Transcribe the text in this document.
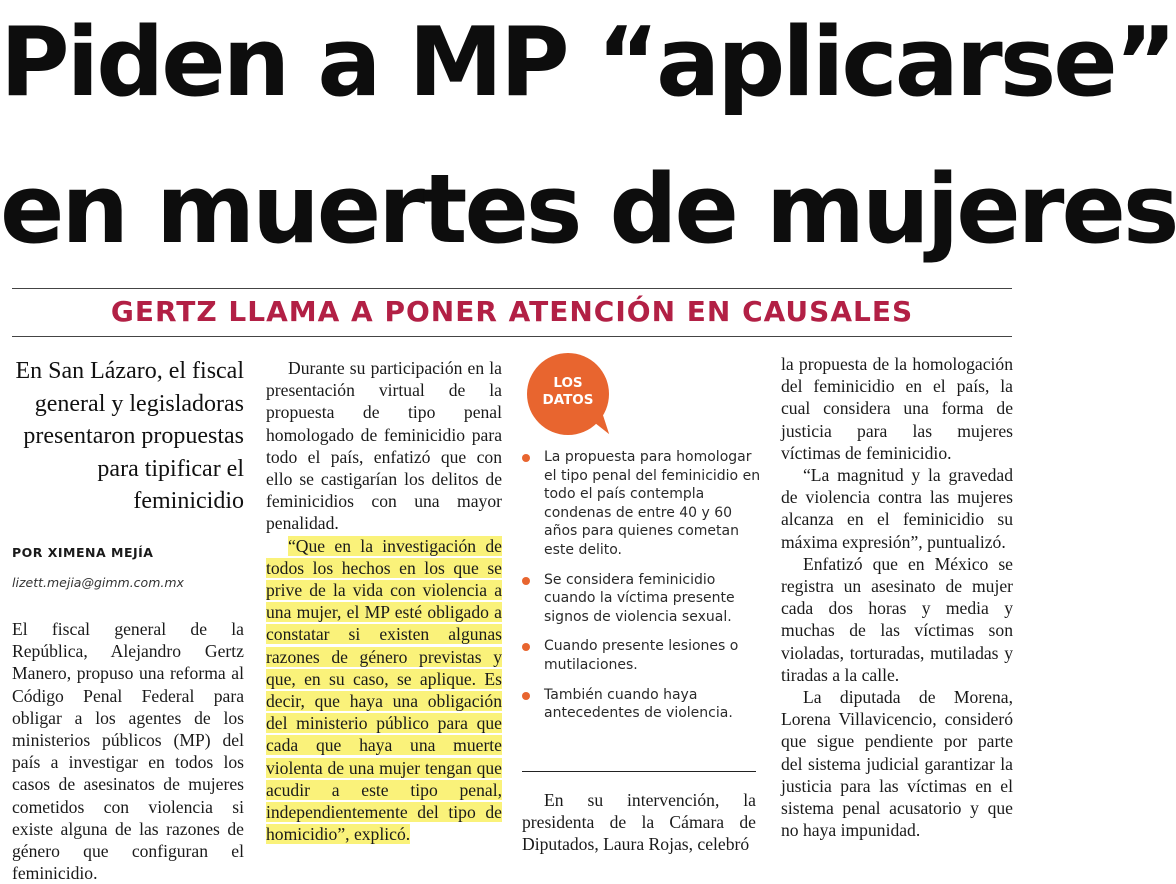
Piden a MP “aplicarse”
en muertes de mujeres
GERTZ LLAMA A PONER ATENCIÓN EN CAUSALES

En San Lázaro, el fiscal general y legisladoras presentaron propuestas para tipificar el feminicidio

POR XIMENA MEJÍA

lizett.mejia@gimm.com.mx

El fiscal general de la República, Alejandro Gertz Manero, propuso una reforma al Código Penal Federal para obligar a los agentes de los ministerios públicos (MP) del país a investigar en todos los casos de asesinatos de mujeres cometidos con violencia si existe alguna de las razones de género que configuran el feminicidio.

Durante su participación en la presentación virtual de la propuesta de tipo penal homologado de feminicidio para todo el país, enfatizó que con ello se castigarían los delitos de feminicidios con una mayor penalidad.

“Que en la investigación de todos los hechos en los que se prive de la vida con violencia a una mujer, el MP esté obligado a constatar si existen algunas razones de género previstas y que, en su caso, se aplique. Es decir, que haya una obligación del ministerio público para que cada que haya una muerte violenta de una mujer tengan que acudir a este tipo penal, independientemente del tipo de homicidio”, explicó.

LOS
DATOS
La propuesta para homologar el tipo penal del feminicidio en todo el país contempla condenas de entre 40 y 60 años para quienes cometan este delito.
Se considera feminicidio cuando la víctima presente signos de violencia sexual.
Cuando presente lesiones o mutilaciones.
También cuando haya antecedentes de violencia.

En su intervención, la presidenta de la Cámara de Diputados, Laura Rojas, celebró

la propuesta de la homologación del feminicidio en el país, la cual considera una forma de justicia para las mujeres víctimas de feminicidio.

“La magnitud y la gravedad de violencia contra las mujeres alcanza en el feminicidio su máxima expresión”, puntualizó.

Enfatizó que en México se registra un asesinato de mujer cada dos horas y media y muchas de las víctimas son violadas, torturadas, mutiladas y tiradas a la calle.

La diputada de Morena, Lorena Villavicencio, consideró que sigue pendiente por parte del sistema judicial garantizar la justicia para las víctimas en el sistema penal acusatorio y que no haya impunidad.
